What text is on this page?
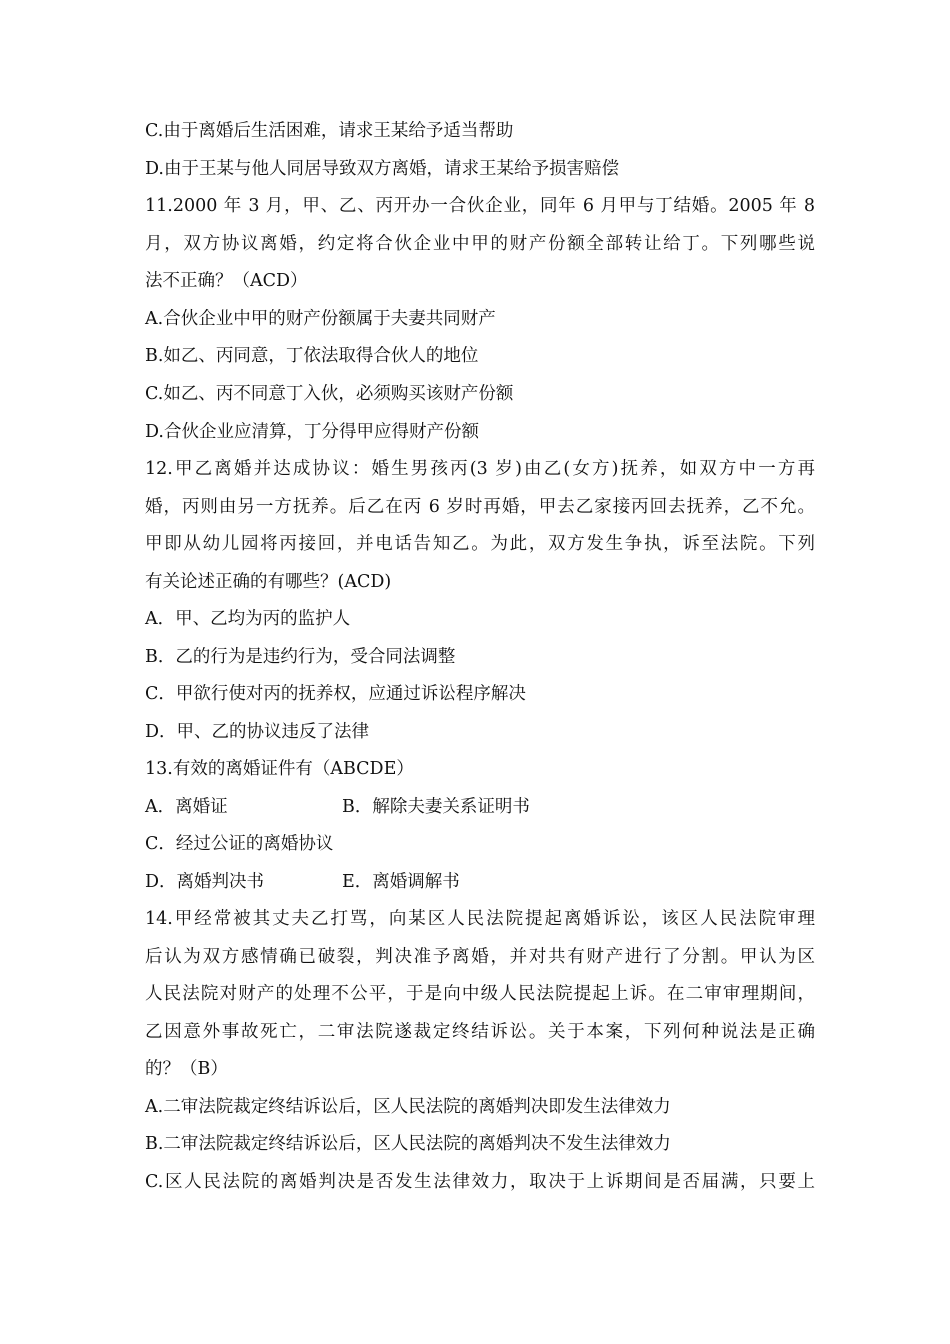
C.由于离婚后生活困难，请求王某给予适当帮助
D.由于王某与他人同居导致双方离婚，请求王某给予损害赔偿
11.2000 年 3 月，甲、乙、丙开办一合伙企业，同年 6 月甲与丁结婚。2005 年 8
月，双方协议离婚，约定将合伙企业中甲的财产份额全部转让给丁。下列哪些说
法不正确？（ACD）
A.合伙企业中甲的财产份额属于夫妻共同财产
B.如乙、丙同意，丁依法取得合伙人的地位
C.如乙、丙不同意丁入伙，必须购买该财产份额
D.合伙企业应清算，丁分得甲应得财产份额
12.甲乙离婚并达成协议：婚生男孩丙(3 岁)由乙(女方)抚养，如双方中一方再
婚，丙则由另一方抚养。后乙在丙 6 岁时再婚，甲去乙家接丙回去抚养，乙不允。
甲即从幼儿园将丙接回，并电话告知乙。为此，双方发生争执，诉至法院。下列
有关论述正确的有哪些？(ACD)
A．甲、乙均为丙的监护人
B．乙的行为是违约行为，受合同法调整
C．甲欲行使对丙的抚养权，应通过诉讼程序解决
D．甲、乙的协议违反了法律
13.有效的离婚证件有（ABCDE）
A．离婚证	B．解除夫妻关系证明书
C．经过公证的离婚协议
D．离婚判决书	E．离婚调解书
14.甲经常被其丈夫乙打骂，向某区人民法院提起离婚诉讼，该区人民法院审理
后认为双方感情确已破裂，判决准予离婚，并对共有财产进行了分割。甲认为区
人民法院对财产的处理不公平，于是向中级人民法院提起上诉。在二审审理期间，
乙因意外事故死亡，二审法院遂裁定终结诉讼。关于本案，下列何种说法是正确
的？（B）
A.二审法院裁定终结诉讼后，区人民法院的离婚判决即发生法律效力
B.二审法院裁定终结诉讼后，区人民法院的离婚判决不发生法律效力
C.区人民法院的离婚判决是否发生法律效力，取决于上诉期间是否届满，只要上
